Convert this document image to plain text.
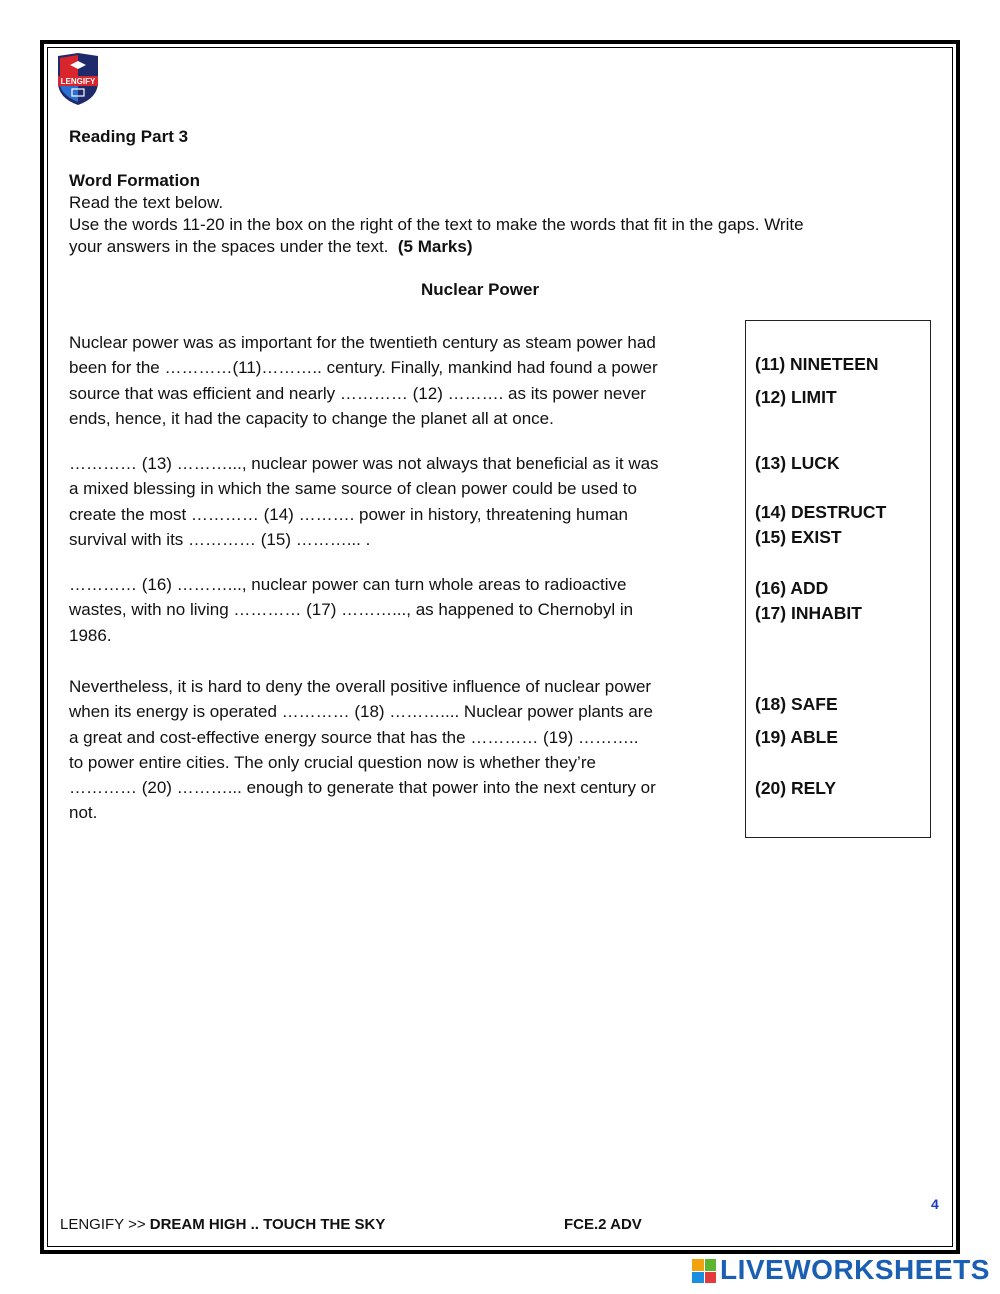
LENGIFY
Reading Part 3
Word Formation
Read the text below.
Use the words 11-20 in the box on the right of the text to make the words that fit in the gaps. Write
your answers in the spaces under the text. (5 Marks)
Nuclear Power
Nuclear power was as important for the twentieth century as steam power had
been for the …………(11)……….. century. Finally, mankind had found a power
source that was efficient and nearly ………… (12) ………. as its power never
ends, hence, it had the capacity to change the planet all at once.
………… (13) ………..., nuclear power was not always that beneficial as it was
a mixed blessing in which the same source of clean power could be used to
create the most ………… (14) ………. power in history, threatening human
survival with its ………… (15) ………... .
………… (16) ………..., nuclear power can turn whole areas to radioactive
wastes, with no living ………… (17) ………..., as happened to Chernobyl in
1986.
Nevertheless, it is hard to deny the overall positive influence of nuclear power
when its energy is operated ………… (18) ……….... Nuclear power plants are
a great and cost-effective energy source that has the ………… (19) ………..
to power entire cities. The only crucial question now is whether they’re
………… (20) ………... enough to generate that power into the next century or
not.
(11) NINETEEN
(12) LIMIT
(13) LUCK
(14) DESTRUCT
(15) EXIST
(16) ADD
(17) INHABIT
(18) SAFE
(19) ABLE
(20) RELY
4
LENGIFY >> DREAM HIGH .. TOUCH THE SKY	FCE.2 ADV
LIVEWORKSHEETS
